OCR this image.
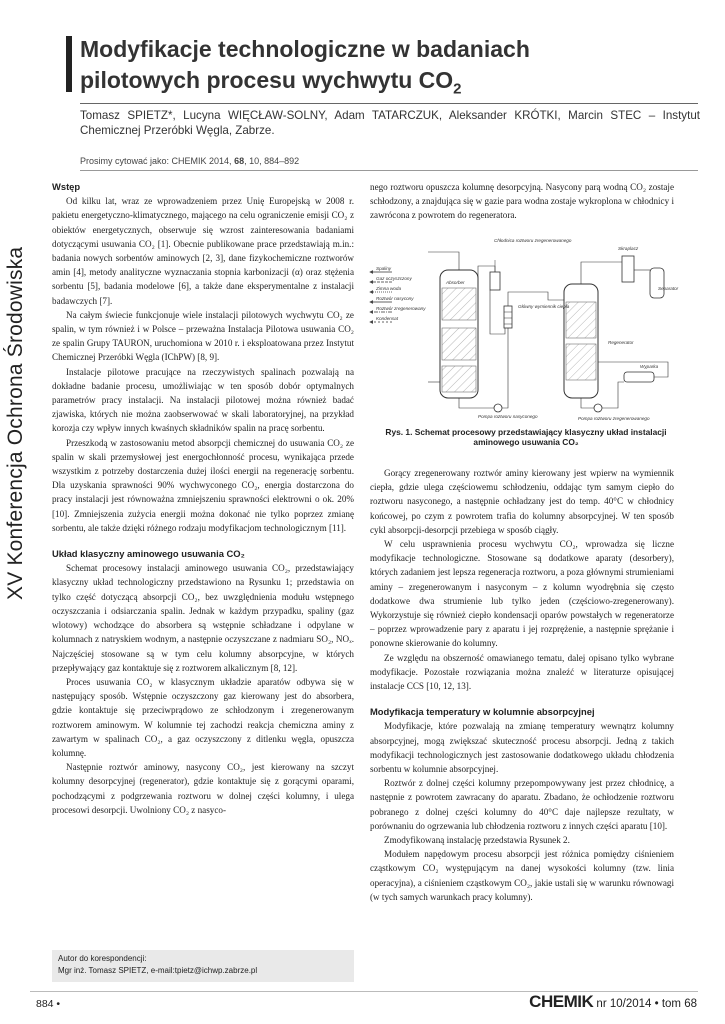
XV Konferencja Ochrona Środowiska
Modyfikacje technologiczne w badaniach
pilotowych procesu wychwytu $CO_2$
Tomasz SPIETZ*, Lucyna WIĘCŁAW-SOLNY, Adam TATARCZUK, Aleksander KRÓTKI, Marcin STEC – Instytut Chemicznej Przeróbki Węgla, Zabrze.
Prosimy cytować jako: CHEMIK 2014, 68, 10, 884–892
Wstęp

Od kilku lat, wraz ze wprowadzeniem przez Unię Europejską w 2008 r. pakietu energetyczno-klimatycznego, mającego na celu ograniczenie emisji CO₂ z obiektów energetycznych, obserwuje się wzrost zainteresowania badaniami dotyczącymi usuwania CO₂ [1]. Obecnie publikowane prace przedstawiają m.in.: badania nowych sorbentów aminowych [2, 3], dane fizykochemiczne roztworów amin [4], metody analityczne wyznaczania stopnia karbonizacji (α) oraz stężenia sorbentu [5], badania modelowe [6], a także dane eksperymentalne z instalacji badawczych [7].

Na całym świecie funkcjonuje wiele instalacji pilotowych wychwytu CO₂ ze spalin, w tym również i w Polsce – przeważna Instalacja Pilotowa usuwania CO₂ ze spalin Grupy TAURON, uruchomiona w 2010 r. i eksploatowana przez Instytut Chemicznej Przeróbki Węgla (IChPW) [8, 9].

Instalacje pilotowe pracujące na rzeczywistych spalinach pozwalają na dokładne badanie procesu, umożliwiając w ten sposób dobór optymalnych parametrów pracy instalacji. Na instalacji pilotowej można również badać zjawiska, których nie można zaobserwować w skali laboratoryjnej, na przykład korozja czy wpływ innych kwaśnych składników spalin na pracę sorbentu.

Przeszkodą w zastosowaniu metod absorpcji chemicznej do usuwania CO₂ ze spalin w skali przemysłowej jest energochłonność procesu, wynikająca przede wszystkim z potrzeby dostarczenia dużej ilości energii na regenerację sorbentu. Dla uzyskania sprawności 90% wychwyconego CO₂, energia dostarczona do pracy instalacji jest równoważna zmniejszeniu sprawności elektrowni o ok. 20% [10]. Zmniejszenia zużycia energii można dokonać nie tylko poprzez zmianę sorbentu, ale także dzięki różnego rodzaju modyfikacjom technologicznym [11].

Układ klasyczny aminowego usuwania CO₂

Schemat procesowy instalacji aminowego usuwania CO₂, przedstawiający klasyczny układ technologiczny przedstawiono na Rysunku 1; przedstawia on tylko część dotyczącą absorpcji CO₂, bez uwzględnienia modułu wstępnego oczyszczania i odsiarczania spalin. Jednak w każdym przypadku, spaliny (gaz wlotowy) wchodzące do absorbera są wstępnie schładzane i odpylane w kolumnach z natryskiem wodnym, a następnie oczyszczane z nadmiaru SO₂, NOₓ. Najczęściej stosowane są w tym celu kolumny absorpcyjne, w których przepływający gaz kontaktuje się z roztworem alkalicznym [8, 12].

Proces usuwania CO₂ w klasycznym układzie aparatów odbywa się w następujący sposób. Wstępnie oczyszczony gaz kierowany jest do absorbera, gdzie kontaktuje się przeciwprądowo ze schłodzonym i zregenerowanym roztworem aminowym. W kolumnie tej zachodzi reakcja chemiczna aminy z zawartym w spalinach CO₂, a gaz oczyszczony z ditlenku węgla, opuszcza kolumnę.

Następnie roztwór aminowy, nasycony CO₂, jest kierowany na szczyt kolumny desorpcyjnej (regenerator), gdzie kontaktuje się z gorącymi oparami, pochodzącymi z podgrzewania roztworu w dolnej części kolumny, i ulega procesowi desorpcji. Uwolniony CO₂ z nasyco-

nego roztworu opuszcza kolumnę desorpcyjną. Nasycony parą wodną CO₂ zostaje schłodzony, a znajdująca się w gazie para wodna zostaje wykroplona w chłodnicy i zawrócona z powrotem do regeneratora.

Spaliny
Gaz oczyszczony
Zimna woda
Roztwór nasycony
Roztwór zregenerowany
Kondensat
Absorber
Regenerator
Główny wymiennik ciepła
Chłodnica roztworu zregenerowanego
Skraplacz
Separator
Wyparka
Pompa roztworu nasyconego	Pompa roztworu zregenerowanego
Rys. 1. Schemat procesowy przedstawiający klasyczny układ instalacji aminowego usuwania CO₂

Gorący zregenerowany roztwór aminy kierowany jest wpierw na wymiennik ciepła, gdzie ulega częściowemu schłodzeniu, oddając tym samym ciepło do roztworu nasyconego, a następnie ochładzany jest do temp. 40°C w chłodnicy końcowej, po czym z powrotem trafia do kolumny absorpcyjnej. W ten sposób cykl absorpcji-desorpcji przebiega w sposób ciągły.

W celu usprawnienia procesu wychwytu CO₂, wprowadza się liczne modyfikacje technologiczne. Stosowane są dodatkowe aparaty (desorbery), których zadaniem jest lepsza regeneracja roztworu, a poza głównymi strumieniami aminy – zregenerowanym i nasyconym – z kolumn wyodrębnia się często dodatkowe dwa strumienie lub tylko jeden (częściowo-zregenerowany). Wykorzystuje się również ciepło kondensacji oparów powstałych w regeneratorze – poprzez wprowadzenie pary z aparatu i jej rozprężenie, a następnie sprężanie i ponowne skierowanie do kolumny.

Ze względu na obszerność omawianego tematu, dalej opisano tylko wybrane modyfikacje. Pozostałe rozwiązania można znaleźć w literaturze opisującej instalacje CCS [10, 12, 13].

Modyfikacja temperatury w kolumnie absorpcyjnej

Modyfikacje, które pozwalają na zmianę temperatury wewnątrz kolumny absorpcyjnej, mogą zwiększać skuteczność procesu absorpcji. Jedną z takich modyfikacji technologicznych jest zastosowanie dodatkowego układu chłodzenia sorbentu w kolumnie absorpcyjnej.

Roztwór z dolnej części kolumny przepompowywany jest przez chłodnicę, a następnie z powrotem zawracany do aparatu. Zbadano, że ochłodzenie roztworu pobranego z dolnej części kolumny do 40°C daje najlepsze rezultaty, w porównaniu do ogrzewania lub chłodzenia roztworu z innych części aparatu [10].

Zmodyfikowaną instalację przedstawia Rysunek 2.

Modułem napędowym procesu absorpcji jest różnica pomiędzy ciśnieniem cząstkowym CO₂ występującym na danej wysokości kolumny (tzw. linia operacyjna), a ciśnieniem cząstkowym CO₂, jakie ustali się w warunku równowagi (w tych samych warunkach pracy kolumny).

Autor do korespondencji:
Mgr inż. Tomasz SPIETZ, e-mail:tpietz@ichwp.zabrze.pl
884 •	CHEMIK nr 10/2014 • tom 68
